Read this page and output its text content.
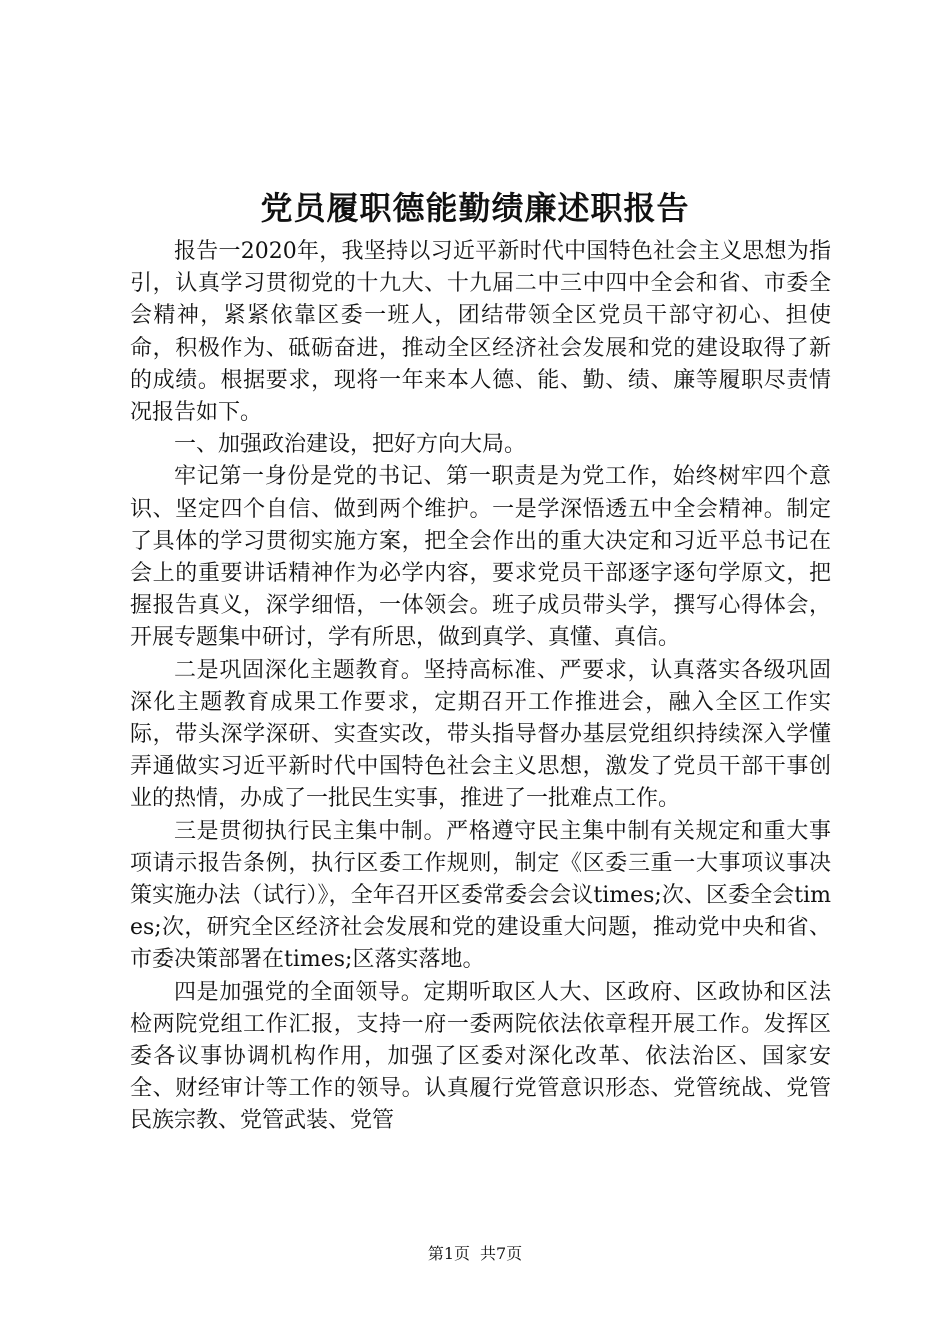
党员履职德能勤绩廉述职报告

报告一2020年，我坚持以习近平新时代中国特色社会主义思想为指引，认真学习贯彻党的十九大、十九届二中三中四中全会和省、市委全会精神，紧紧依靠区委一班人，团结带领全区党员干部守初心、担使命，积极作为、砥砺奋进，推动全区经济社会发展和党的建设取得了新的成绩。根据要求，现将一年来本人德、能、勤、绩、廉等履职尽责情况报告如下。

一、加强政治建设，把好方向大局。

牢记第一身份是党的书记、第一职责是为党工作，始终树牢四个意识、坚定四个自信、做到两个维护。一是学深悟透五中全会精神。制定了具体的学习贯彻实施方案，把全会作出的重大决定和习近平总书记在会上的重要讲话精神作为必学内容，要求党员干部逐字逐句学原文，把握报告真义，深学细悟，一体领会。班子成员带头学，撰写心得体会，开展专题集中研讨，学有所思，做到真学、真懂、真信。

二是巩固深化主题教育。坚持高标准、严要求，认真落实各级巩固深化主题教育成果工作要求，定期召开工作推进会，融入全区工作实际，带头深学深研、实查实改，带头指导督办基层党组织持续深入学懂弄通做实习近平新时代中国特色社会主义思想，激发了党员干部干事创业的热情，办成了一批民生实事，推进了一批难点工作。

三是贯彻执行民主集中制。严格遵守民主集中制有关规定和重大事项请示报告条例，执行区委工作规则，制定《区委三重一大事项议事决策实施办法（试行）》，全年召开区委常委会会议times;次、区委全会times;次，研究全区经济社会发展和党的建设重大问题，推动党中央和省、市委决策部署在times;区落实落地。

四是加强党的全面领导。定期听取区人大、区政府、区政协和区法检两院党组工作汇报，支持一府一委两院依法依章程开展工作。发挥区委各议事协调机构作用，加强了区委对深化改革、依法治区、国家安全、财经审计等工作的领导。认真履行党管意识形态、党管统战、党管民族宗教、党管武装、党管

第1页 共7页
